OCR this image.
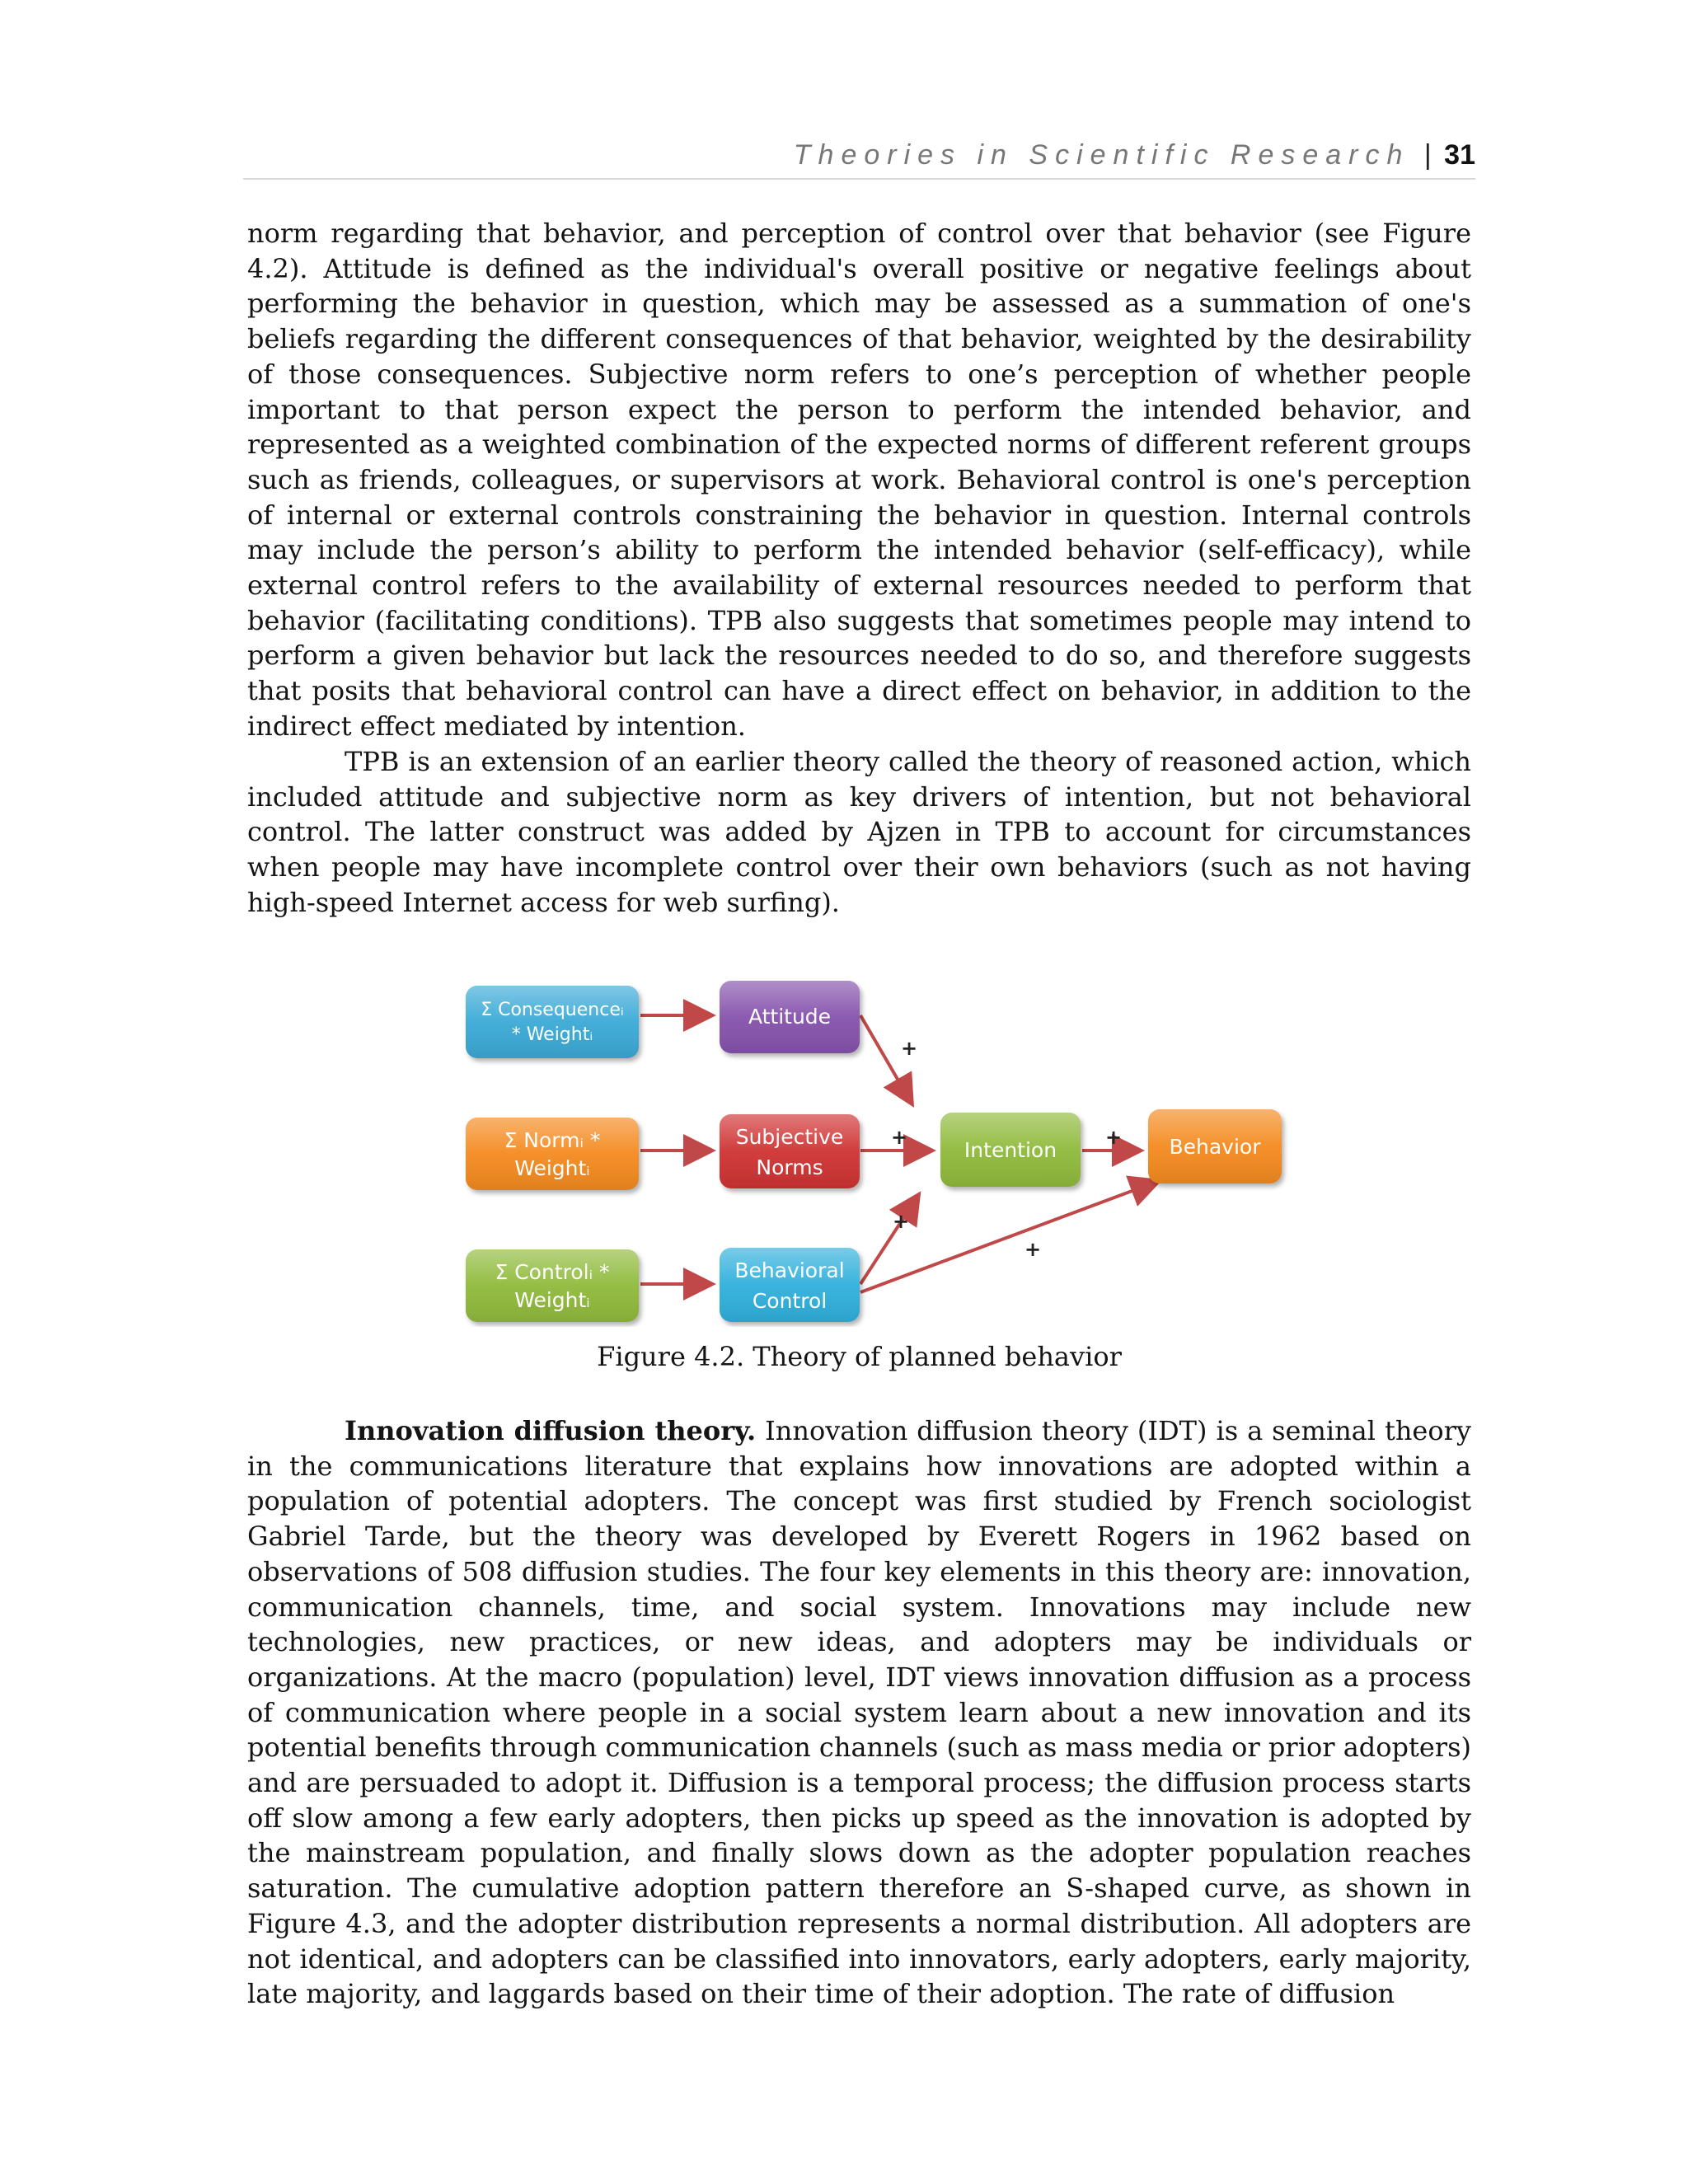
Theories in Scientific Research | 31

norm regarding that behavior, and perception of control over that behavior (see Figure 4.2). Attitude is defined as the individual's overall positive or negative feelings about performing the behavior in question, which may be assessed as a summation of one's beliefs regarding the different consequences of that behavior, weighted by the desirability of those consequences. Subjective norm refers to one’s perception of whether people important to that person expect the person to perform the intended behavior, and represented as a weighted combination of the expected norms of different referent groups such as friends, colleagues, or supervisors at work. Behavioral control is one's perception of internal or external controls constraining the behavior in question. Internal controls may include the person’s ability to perform the intended behavior (self-efficacy), while external control refers to the availability of external resources needed to perform that behavior (facilitating conditions). TPB also suggests that sometimes people may intend to perform a given behavior but lack the resources needed to do so, and therefore suggests that posits that behavioral control can have a direct effect on behavior, in addition to the indirect effect mediated by intention.

TPB is an extension of an earlier theory called the theory of reasoned action, which included attitude and subjective norm as key drivers of intention, but not behavioral control. The latter construct was added by Ajzen in TPB to account for circumstances when people may have incomplete control over their own behaviors (such as not having high-speed Internet access for web surfing).

+
+
+
+
+
Σ Consequenceᵢ
* Weightᵢ
Σ Normᵢ *
Weightᵢ
Σ Controlᵢ *
Weightᵢ
Attitude
Subjective
Norms
Behavioral
Control
Intention	Behavior
Figure 4.2. Theory of planned behavior

Innovation diffusion theory. Innovation diffusion theory (IDT) is a seminal theory in the communications literature that explains how innovations are adopted within a population of potential adopters. The concept was first studied by French sociologist Gabriel Tarde, but the theory was developed by Everett Rogers in 1962 based on observations of 508 diffusion studies. The four key elements in this theory are: innovation, communication channels, time, and social system. Innovations may include new technologies, new practices, or new ideas, and adopters may be individuals or organizations. At the macro (population) level, IDT views innovation diffusion as a process of communication where people in a social system learn about a new innovation and its potential benefits through communication channels (such as mass media or prior adopters) and are persuaded to adopt it. Diffusion is a temporal process; the diffusion process starts off slow among a few early adopters, then picks up speed as the innovation is adopted by the mainstream population, and finally slows down as the adopter population reaches saturation. The cumulative adoption pattern therefore an S-shaped curve, as shown in Figure 4.3, and the adopter distribution represents a normal distribution. All adopters are not identical, and adopters can be classified into innovators, early adopters, early majority, late majority, and laggards based on their time of their adoption. The rate of diffusion
